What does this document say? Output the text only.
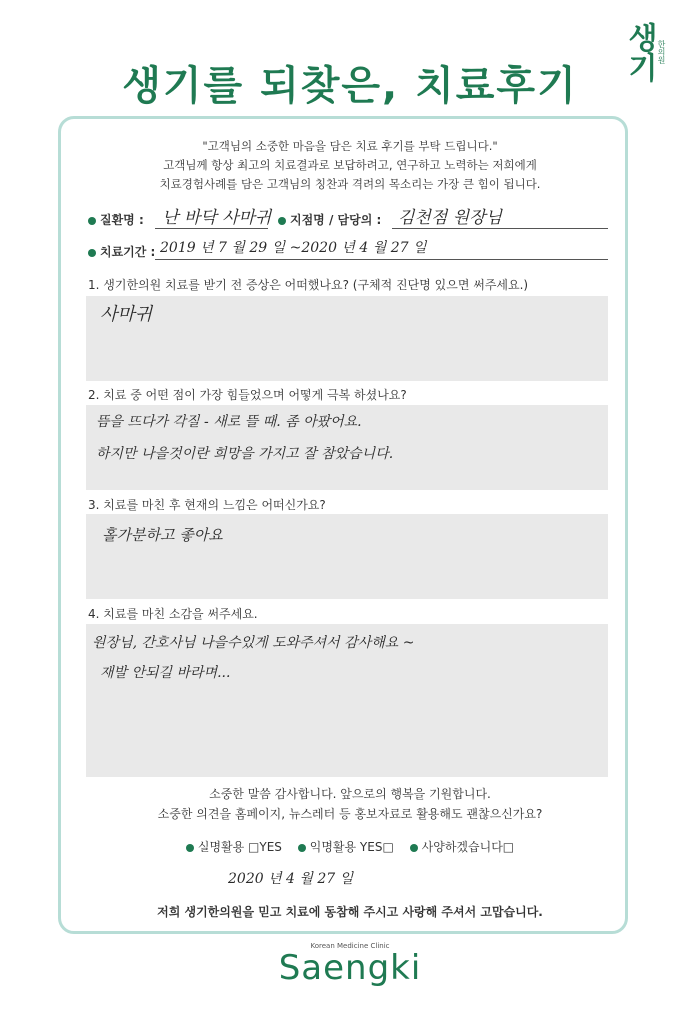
생기를 되찾은, 치료후기
생기 한의원
"고객님의 소중한 마음을 담은 치료 후기를 부탁 드립니다."
고객님께 항상 최고의 치료결과로 보답하려고, 연구하고 노력하는 저희에게
치료경험사례를 담은 고객님의 칭찬과 격려의 목소리는 가장 큰 힘이 됩니다.
질환명 : 난 바닥 사마귀	지점명 / 담당의 : 김천점 원장님
치료기간 : 2019 년 7 월 29 일 ~2020 년 4 월 27 일
1. 생기한의원 치료를 받기 전 증상은 어떠했나요? (구체적 진단명 있으면 써주세요.)
사마귀
2. 치료 중 어떤 점이 가장 힘들었으며 어떻게 극복 하셨나요?
뜸을 뜨다가 각질 - 새로 뜰 때. 좀 아팠어요.
하지만 나을것이란 희망을 가지고 잘 참았습니다.
3. 치료를 마친 후 현재의 느낌은 어떠신가요?
홀가분하고 좋아요
4. 치료를 마친 소감을 써주세요.
원장님, 간호사님 나을수있게 도와주셔서 감사해요 ~
재발 안되길 바라며...
소중한 말씀 감사합니다. 앞으로의 행복을 기원합니다.
소중한 의견을 홈페이지, 뉴스레터 등 홍보자료로 활용해도 괜찮으신가요?
실명활용 □YES 익명활용 YES□ 사양하겠습니다□
2020 년 4 월 27 일
저희 생기한의원을 믿고 치료에 동참해 주시고 사랑해 주셔서 고맙습니다.
Korean Medicine Clinic
Saengki
